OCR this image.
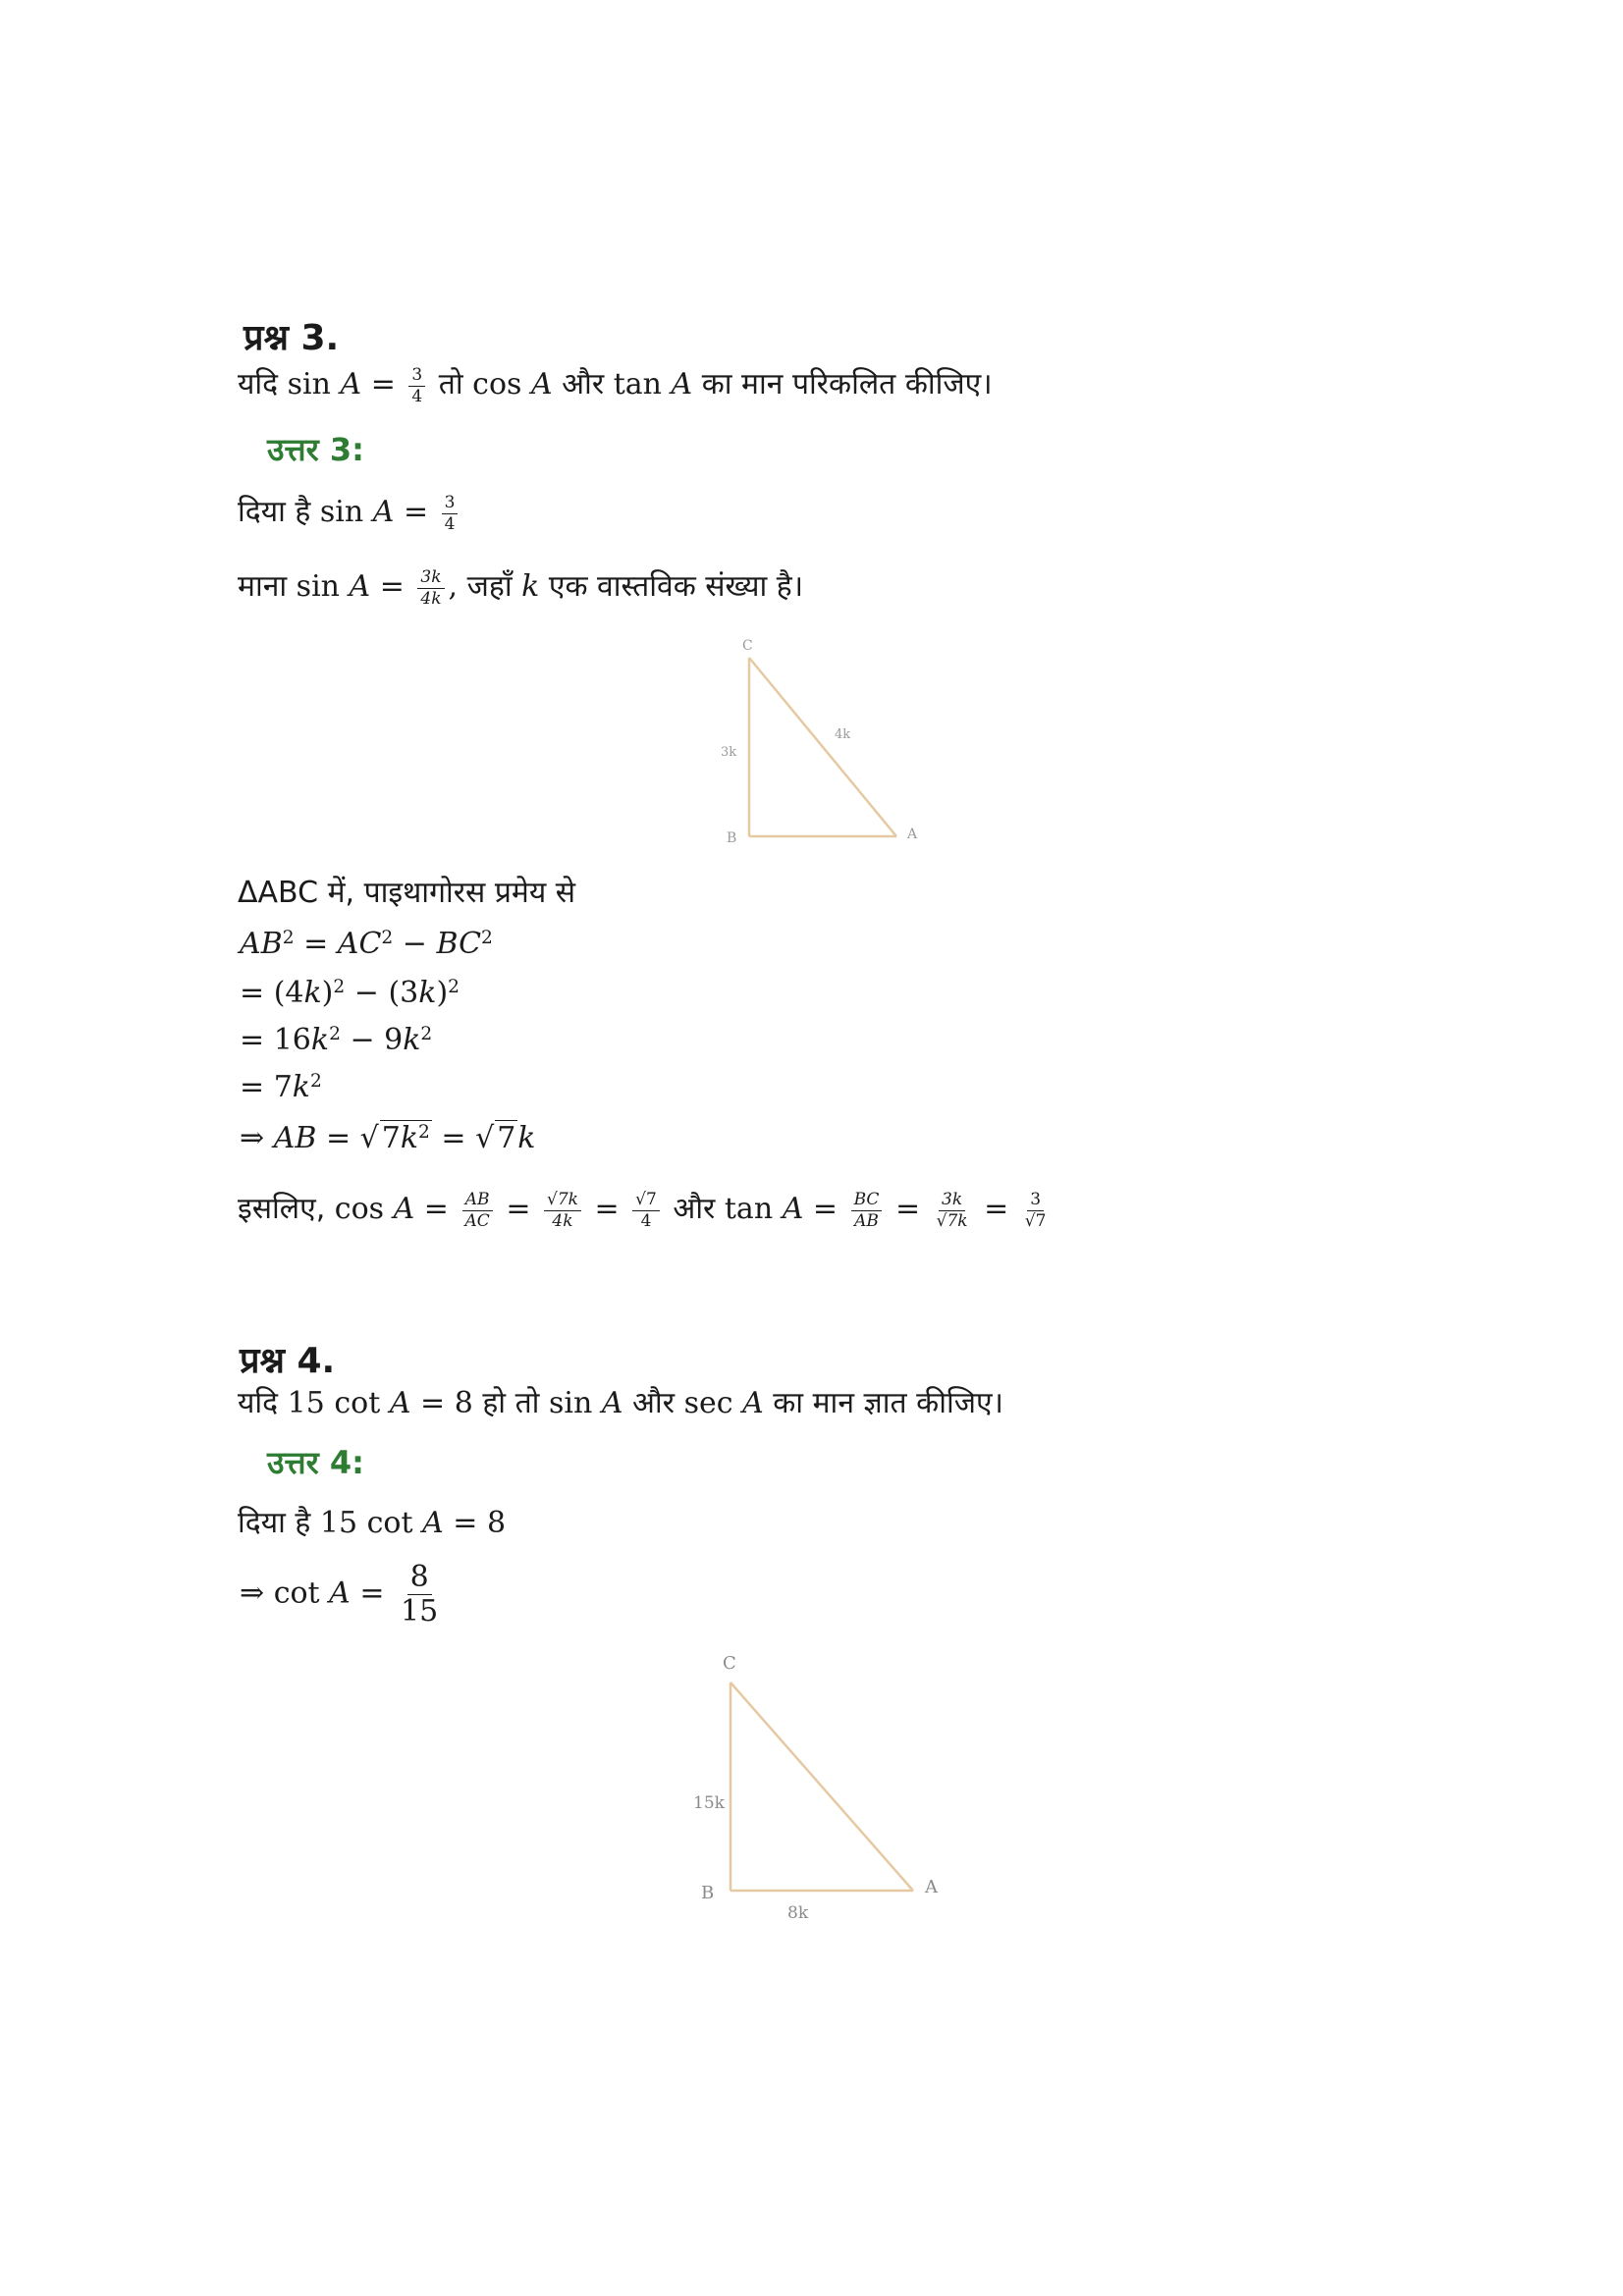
प्रश्न 3.
यदि $\sin A = \frac{3}{4}$ तो cos A और tan A का मान परिकलित कीजिए।
उत्तर 3:
दिया है $\sin A = \frac{3}{4}$
माना $\sin A = \frac{3k}{4k}$ , जहाँ k एक वास्तविक संख्या है।
C
B	A
3k
4k
ΔABC में, पाइथागोरस प्रमेय से
$AB^2 = AC^2 - BC^2$
= $(4k)^2 - (3k)^2$
= $16k^2 - 9k^2$
= $7k^2$
⇒ AB = √ $7k^2$ = √ 7k
इसलिए, $\cos A = \frac{AB}{AC} = \frac{√7k}{4k} = \frac{√7}{4}$ और $\tan A = \frac{BC}{AB} = \frac{3k}{√7k} = \frac{3}{√7}$
प्रश्न 4.
यदि 15 cot A = 8 हो तो sin A और sec A का मान ज्ञात कीजिए।
उत्तर 4:
दिया है 15 cot A = 8
⇒ $\cot A = \frac{8}{15}$
C
B	A
15k
8k
